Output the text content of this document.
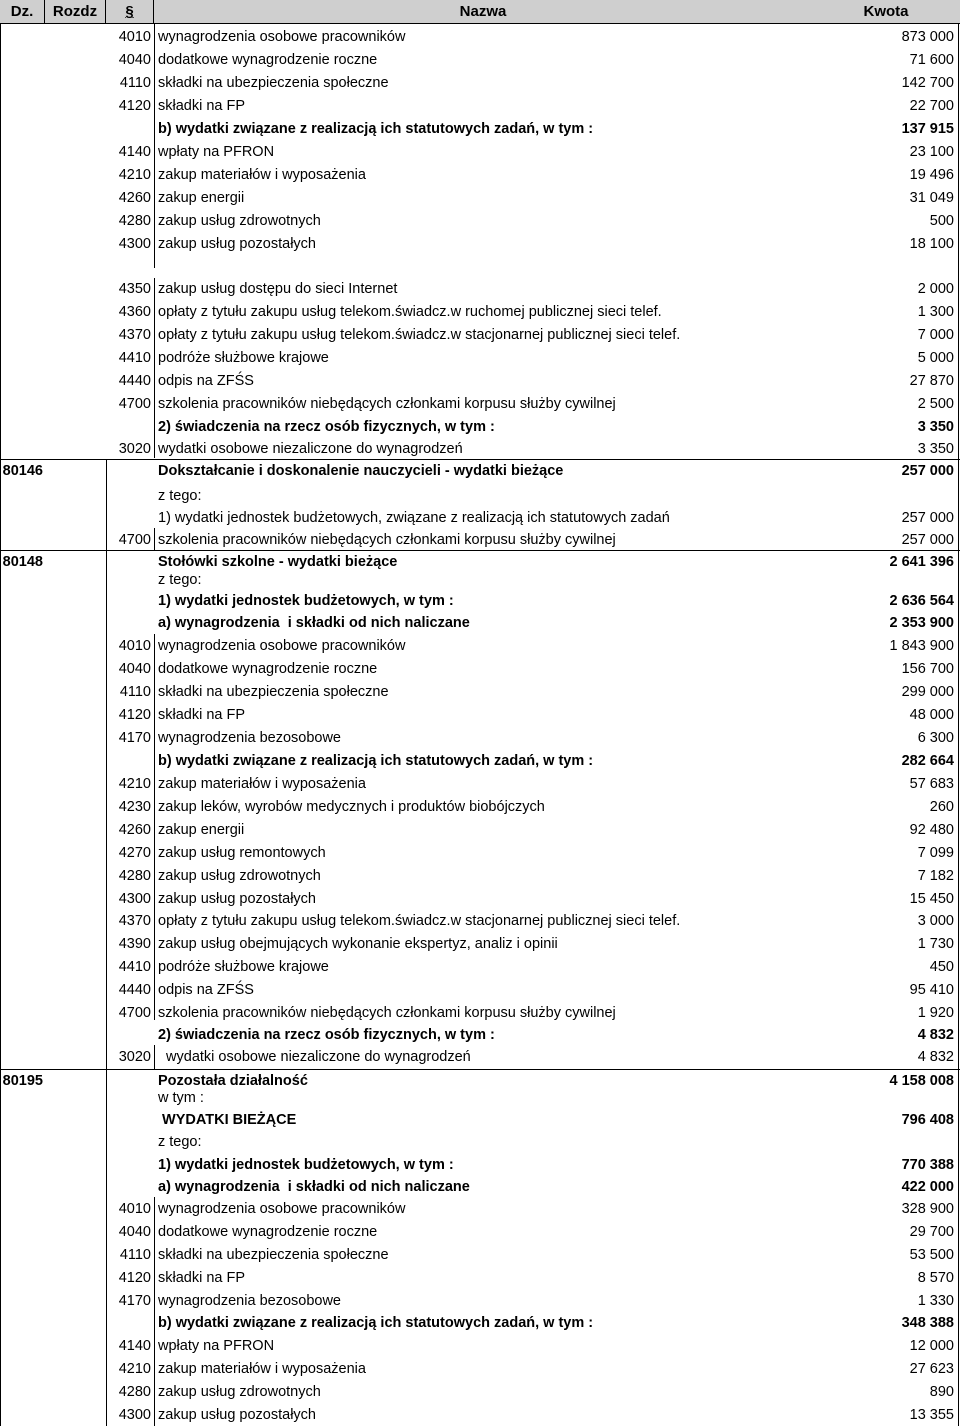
Dz.	Rozdz	§	Nazwa	Kwota
4010 wynagrodzenia osobowe pracowników	873 000
4040 dodatkowe wynagrodzenie roczne	71 600
4110 składki na ubezpieczenia społeczne	142 700
4120 składki na FP	22 700
b) wydatki związane z realizacją ich statutowych zadań, w tym :	137 915
4140 wpłaty na PFRON	23 100
4210 zakup materiałów i wyposażenia	19 496
4260 zakup energii	31 049
4280 zakup usług zdrowotnych	500
4300 zakup usług pozostałych	18 100
4350 zakup usług dostępu do sieci Internet	2 000
4360 opłaty z tytułu zakupu usług telekom.świadcz.w ruchomej publicznej sieci telef.	1 300
4370 opłaty z tytułu zakupu usług telekom.świadcz.w stacjonarnej publicznej sieci telef.	7 000
4410 podróże służbowe krajowe	5 000
4440 odpis na ZFŚS	27 870
4700 szkolenia pracowników niebędących członkami korpusu służby cywilnej	2 500
2) świadczenia na rzecz osób fizycznych, w tym :	3 350
3020 wydatki osobowe niezaliczone do wynagrodzeń	3 350
80146	Dokształcanie i doskonalenie nauczycieli - wydatki bieżące	257 000
z tego:
1) wydatki jednostek budżetowych, związane z realizacją ich statutowych zadań	257 000
4700 szkolenia pracowników niebędących członkami korpusu służby cywilnej	257 000
80148	Stołówki szkolne - wydatki bieżące	2 641 396
z tego:
1) wydatki jednostek budżetowych, w tym :	2 636 564
a) wynagrodzenia  i składki od nich naliczane	2 353 900
4010 wynagrodzenia osobowe pracowników	1 843 900
4040 dodatkowe wynagrodzenie roczne	156 700
4110 składki na ubezpieczenia społeczne	299 000
4120 składki na FP	48 000
4170 wynagrodzenia bezosobowe	6 300
b) wydatki związane z realizacją ich statutowych zadań, w tym :	282 664
4210 zakup materiałów i wyposażenia	57 683
4230 zakup leków, wyrobów medycznych i produktów biobójczych	260
4260 zakup energii	92 480
4270 zakup usług remontowych	7 099
4280 zakup usług zdrowotnych	7 182
4300 zakup usług pozostałych	15 450
4370 opłaty z tytułu zakupu usług telekom.świadcz.w stacjonarnej publicznej sieci telef.	3 000
4390 zakup usług obejmujących wykonanie ekspertyz, analiz i opinii	1 730
4410 podróże służbowe krajowe	450
4440 odpis na ZFŚS	95 410
4700 szkolenia pracowników niebędących członkami korpusu służby cywilnej	1 920
2) świadczenia na rzecz osób fizycznych, w tym :	4 832
3020 wydatki osobowe niezaliczone do wynagrodzeń	4 832
80195	Pozostała działalność	4 158 008
w tym :
WYDATKI BIEŻĄCE	796 408
z tego:
1) wydatki jednostek budżetowych, w tym :	770 388
a) wynagrodzenia  i składki od nich naliczane	422 000
4010 wynagrodzenia osobowe pracowników	328 900
4040 dodatkowe wynagrodzenie roczne	29 700
4110 składki na ubezpieczenia społeczne	53 500
4120 składki na FP	8 570
4170 wynagrodzenia bezosobowe	1 330
b) wydatki związane z realizacją ich statutowych zadań, w tym :	348 388
4140 wpłaty na PFRON	12 000
4210 zakup materiałów i wyposażenia	27 623
4280 zakup usług zdrowotnych	890
4300 zakup usług pozostałych	13 355
